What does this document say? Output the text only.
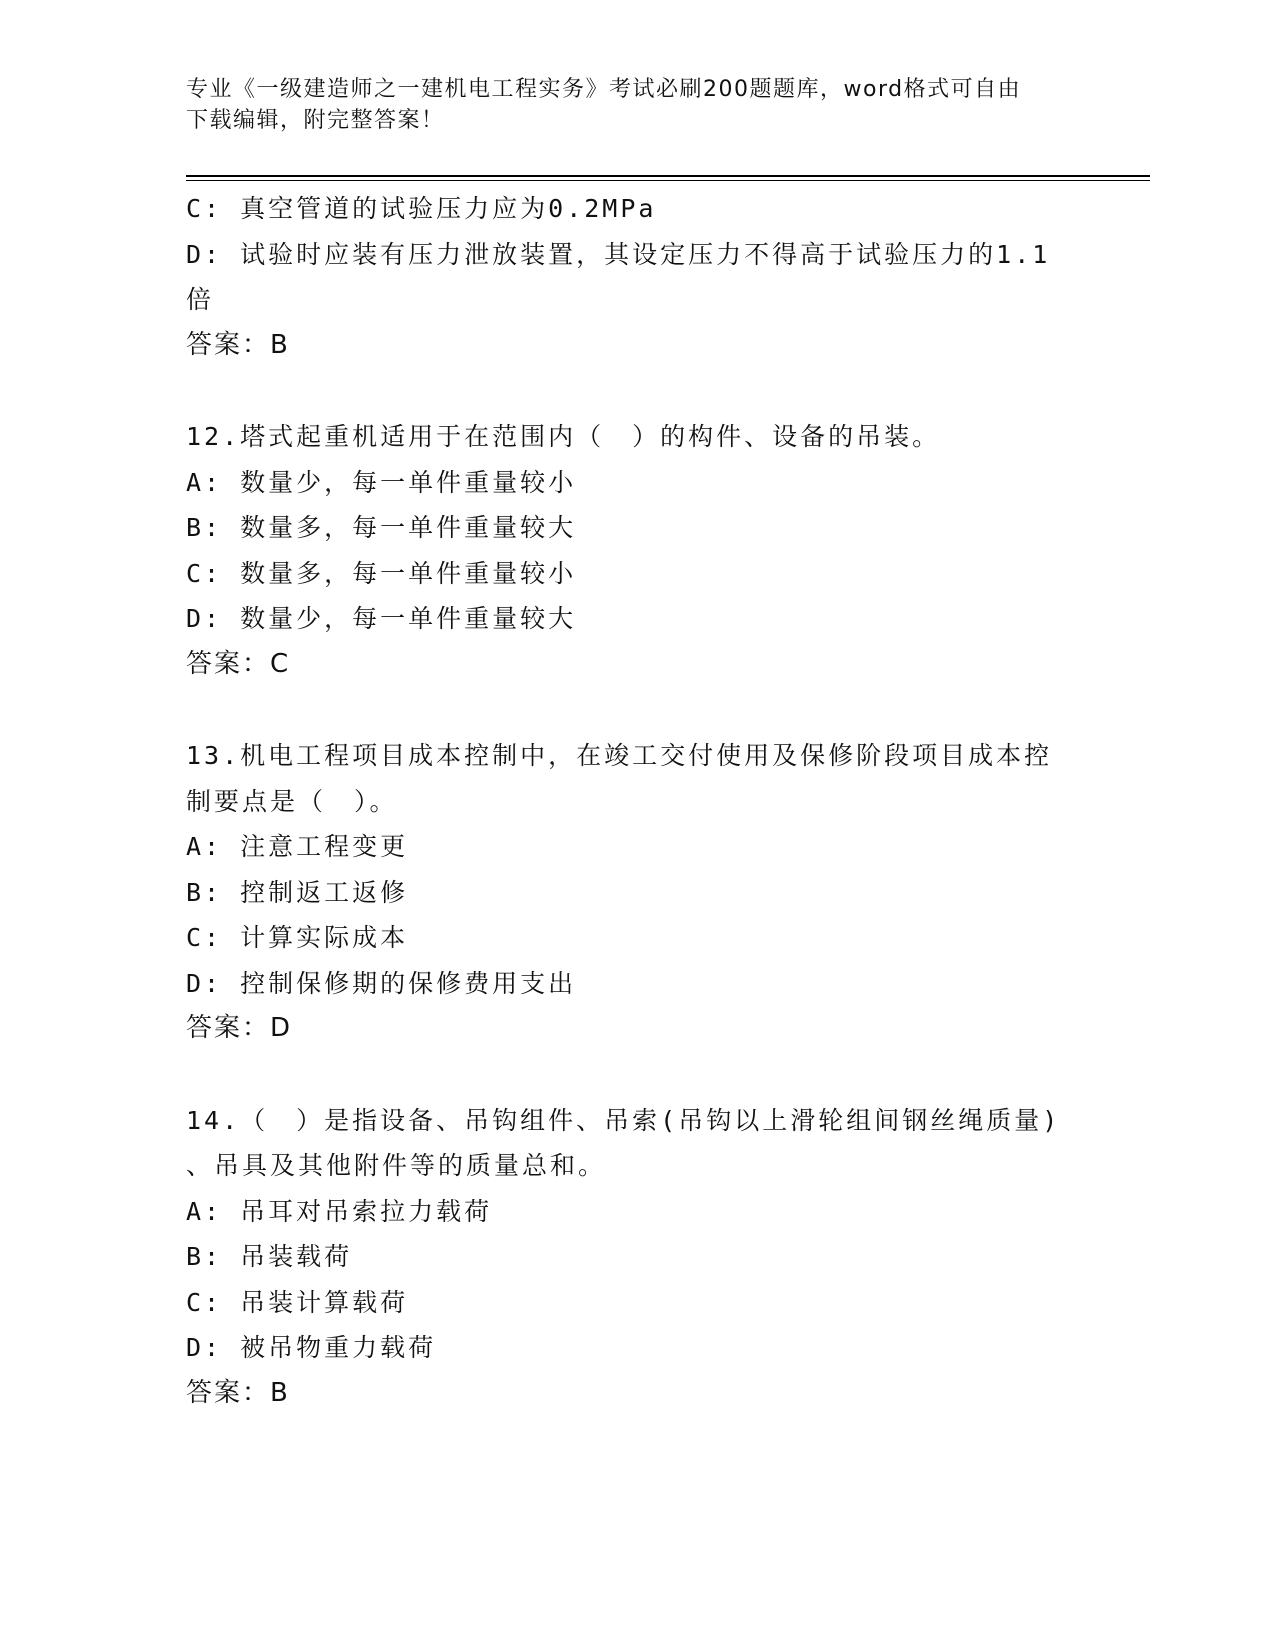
专业《一级建造师之一建机电工程实务》考试必刷200题题库，word格式可自由

下载编辑，附完整答案！

C: 真空管道的试验压力应为0.2MPa

D: 试验时应装有压力泄放装置，其设定压力不得高于试验压力的1.1

倍

答案：B

12.塔式起重机适用于在范围内（　）的构件、设备的吊装。

A: 数量少，每一单件重量较小

B: 数量多，每一单件重量较大

C: 数量多，每一单件重量较小

D: 数量少，每一单件重量较大

答案：C

13.机电工程项目成本控制中，在竣工交付使用及保修阶段项目成本控

制要点是（　）。

A: 注意工程变更

B: 控制返工返修

C: 计算实际成本

D: 控制保修期的保修费用支出

答案：D

14.（　）是指设备、吊钩组件、吊索(吊钩以上滑轮组间钢丝绳质量)

、吊具及其他附件等的质量总和。

A: 吊耳对吊索拉力载荷

B: 吊装载荷

C: 吊装计算载荷

D: 被吊物重力载荷

答案：B
